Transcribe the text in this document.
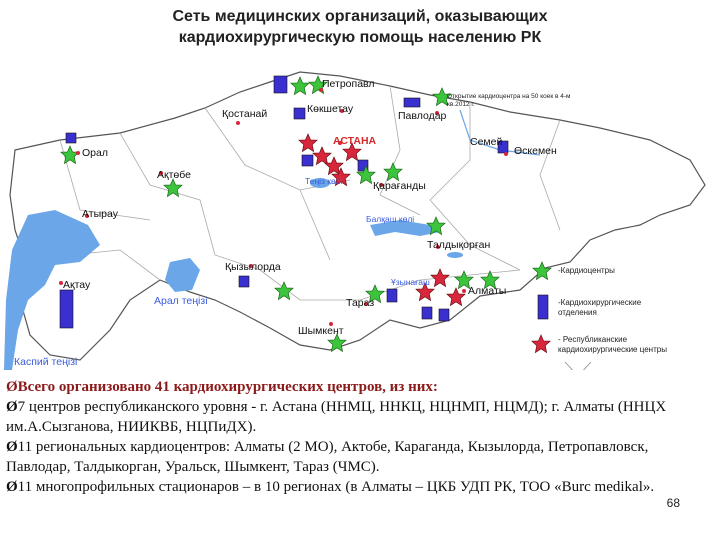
Сеть медицинских организаций, оказывающих
кардиохирургическую помощь населению РК
Петропавл
Қостанай	Көкшетау
Павлодар
АСТАНА	Семей
Өскемен
Орал
Ақтөбе	Теңіз көлі	Қарағанды
Атырау	Балқаш көлі
Талдықорған
Қызылорда
Ұзынағаш
Ақтау	Алматы
Арал теңізі	Тараз
Шымкент
Каспий теңізі
Открытие кардиоцентра на 50 коек в 4-м кв.2012 г.
-Кардиоцентры
-Кардиохирургические отделения
- Республиканские кардиохирургические центры

ØВсего организовано 41 кардиохирургических центров, из них:

Ø7 центров республиканского уровня - г. Астана (ННМЦ, ННКЦ, НЦНМП, НЦМД); г. Алматы (ННЦХ им.А.Сызганова, НИИКВБ, НЦПиДХ).

Ø11 региональных кардиоцентров: Алматы (2 МО), Актобе, Караганда, Кызылорда, Петропавловск, Павлодар, Талдыкорган, Уральск, Шымкент, Тараз (ЧМС).

Ø11 многопрофильных стационаров – в 10 регионах (в Алматы – ЦКБ УДП РК, ТОО «Burc medikal».

68
